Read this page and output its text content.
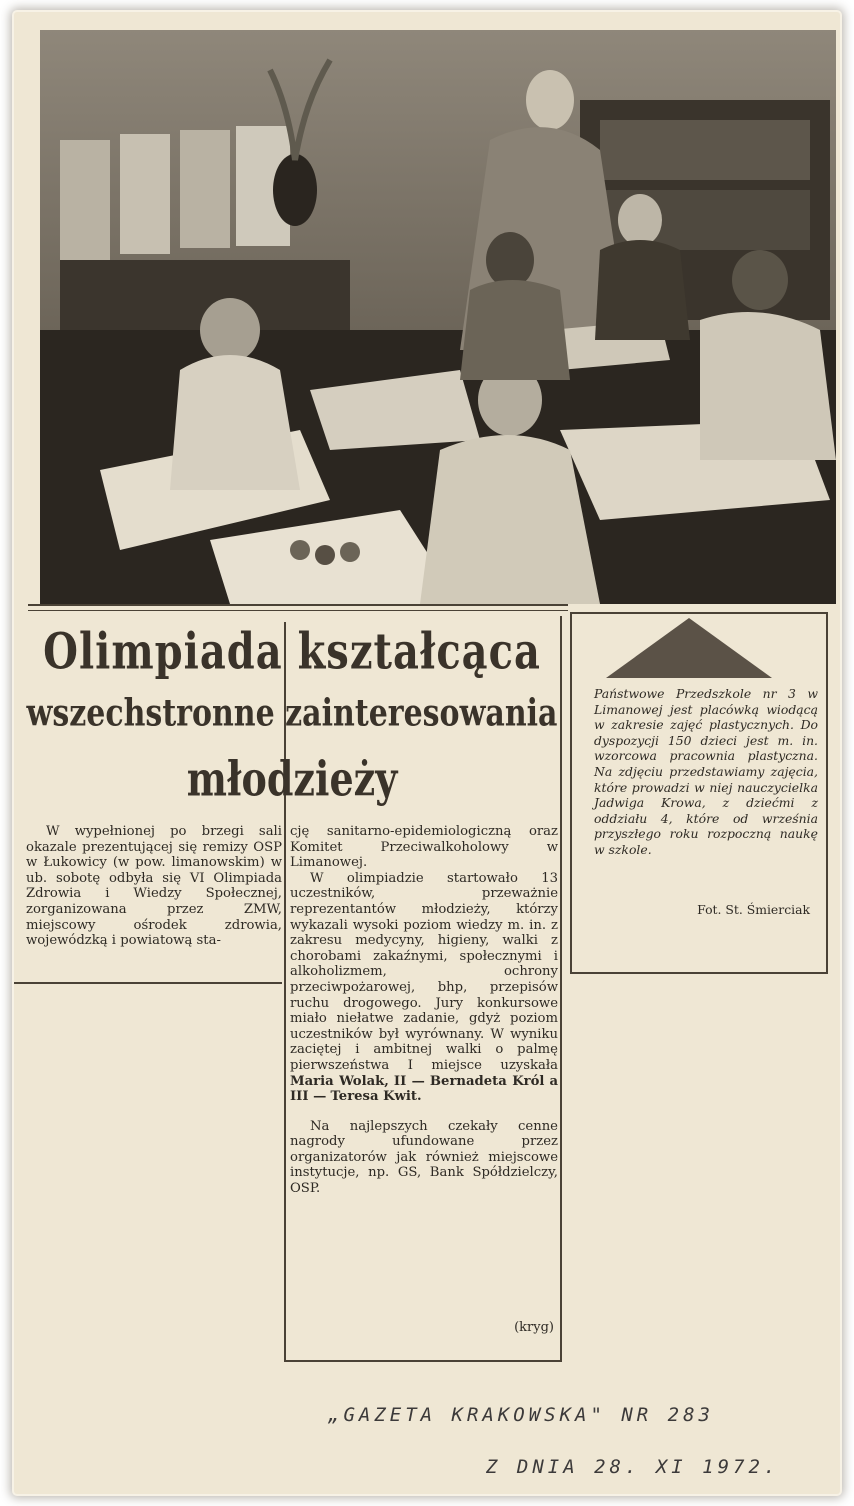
Olimpiada kształcąca
wszechstronne zainteresowania
młodzieży

W wypełnionej po brzegi sali okazale prezentującej się remizy OSP w Łukowicy (w pow. limanowskim) w ub. sobotę odbyła się VI Olimpiada Zdrowia i Wiedzy Społecznej, zorganizowana przez ZMW, miejscowy ośrodek zdrowia, wojewódzką i powiatową sta-

cję sanitarno-epidemiologiczną oraz Komitet Przeciwalkoholowy w Limanowej.

W olimpiadzie startowało 13 uczestników, przeważnie reprezentantów młodzieży, którzy wykazali wysoki poziom wiedzy m. in. z zakresu medycyny, higieny, walki z chorobami zakaźnymi, społecznymi i alkoholizmem, ochrony przeciwpożarowej, bhp, przepisów ruchu drogowego. Jury konkursowe miało niełatwe zadanie, gdyż poziom uczestników był wyrównany. W wyniku zaciętej i ambitnej walki o palmę pierwszeństwa I miejsce uzyskała Maria Wolak, II — Bernadeta Król a III — Teresa Kwit.

Na najlepszych czekały cenne nagrody ufundowane przez organizatorów jak również miejscowe instytucje, np. GS, Bank Spółdzielczy, OSP.

(kryg)
Państwowe Przedszkole nr 3 w Limanowej jest placówką wiodącą w zakresie zajęć plastycznych. Do dyspozycji 150 dzieci jest m. in. wzorcowa pracownia plastyczna. Na zdjęciu przedstawiamy zajęcia, które prowadzi w niej nauczycielka Jadwiga Krowa, z dziećmi z oddziału 4, które od września przyszłego roku rozpoczną naukę w szkole.
Fot. St. Śmierciak
„GAZETA KRAKOWSKA" NR 283
Z DNIA 28. XI 1972.
